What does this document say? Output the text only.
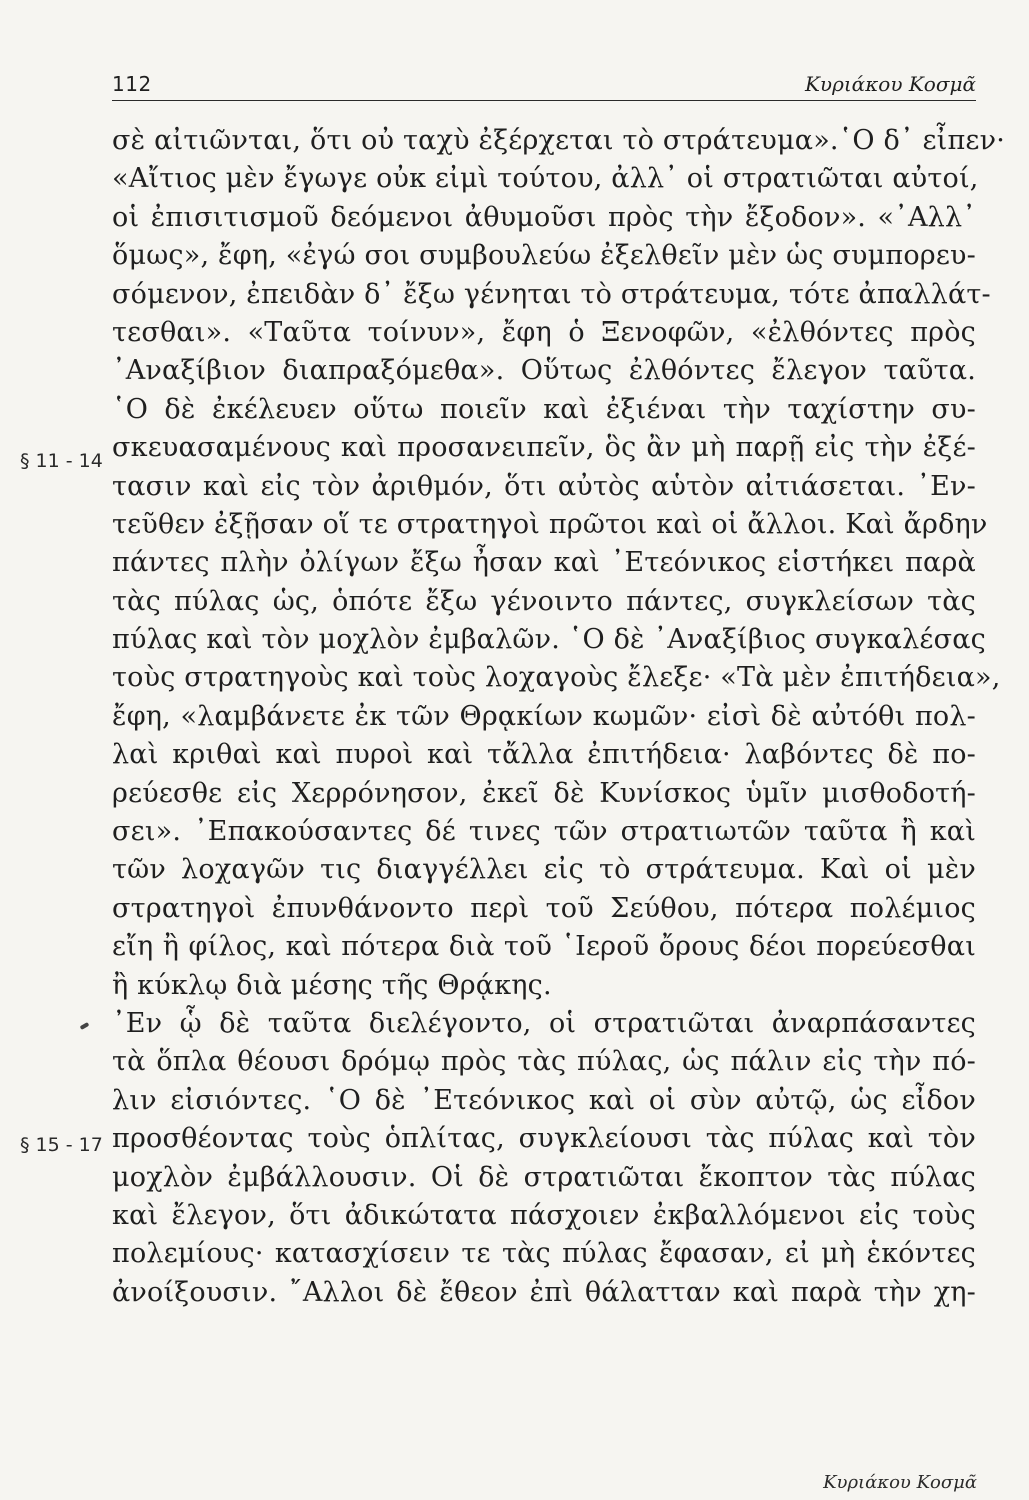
112	Κυριάκου Κοσμᾶ
§ 11 - 14
§ 15 - 17
σὲ αἰτιῶνται, ὅτι οὐ ταχὺ ἐξέρχεται τὸ στράτευμα».῾Ο δ᾽ εἶπεν·
«Αἴτιος μὲν ἔγωγε οὐκ εἰμὶ τούτου, ἀλλ᾽ οἱ στρατιῶται αὐτοί,
οἱ ἐπισιτισμοῦ δεόμενοι ἀθυμοῦσι πρὸς τὴν ἔξοδον». «᾽Αλλ᾽
ὅμως», ἔφη, «ἐγώ σοι συμβουλεύω ἐξελθεῖν μὲν ὡς συμπορευ-
σόμενον, ἐπειδὰν δ᾽ ἔξω γένηται τὸ στράτευμα, τότε ἀπαλλάτ-
τεσθαι». «Ταῦτα τοίνυν», ἔφη ὁ Ξενοφῶν, «ἐλθόντες πρὸς
᾽Αναξίβιον διαπραξόμεθα». Οὕτως ἐλθόντες ἔλεγον ταῦτα.
῾Ο δὲ ἐκέλευεν οὕτω ποιεῖν καὶ ἐξιέναι τὴν ταχίστην συ-
σκευασαμένους καὶ προσανειπεῖν, ὃς ἂν μὴ παρῇ εἰς τὴν ἐξέ-
τασιν καὶ εἰς τὸν ἀριθμόν, ὅτι αὐτὸς αὑτὸν αἰτιάσεται. ᾽Εν-
τεῦθεν ἐξῇσαν οἵ τε στρατηγοὶ πρῶτοι καὶ οἱ ἄλλοι. Καὶ ἄρδην
πάντες πλὴν ὀλίγων ἔξω ἦσαν καὶ ᾽Ετεόνικος εἱστήκει παρὰ
τὰς πύλας ὡς, ὁπότε ἔξω γένοιντο πάντες, συγκλείσων τὰς
πύλας καὶ τὸν μοχλὸν ἐμβαλῶν. ῾Ο δὲ ᾽Αναξίβιος συγκαλέσας
τοὺς στρατηγοὺς καὶ τοὺς λοχαγοὺς ἔλεξε· «Τὰ μὲν ἐπιτήδεια»,
ἔφη, «λαμβάνετε ἐκ τῶν Θρᾳκίων κωμῶν· εἰσὶ δὲ αὐτόθι πολ-
λαὶ κριθαὶ καὶ πυροὶ καὶ τἄλλα ἐπιτήδεια· λαβόντες δὲ πο-
ρεύεσθε εἰς Χερρόνησον, ἐκεῖ δὲ Κυνίσκος ὑμῖν μισθοδοτή-
σει». ᾽Επακούσαντες δέ τινες τῶν στρατιωτῶν ταῦτα ἢ καὶ
τῶν λοχαγῶν τις διαγγέλλει εἰς τὸ στράτευμα. Καὶ οἱ μὲν
στρατηγοὶ ἐπυνθάνοντο περὶ τοῦ Σεύθου, πότερα πολέμιος
εἴη ἢ φίλος, καὶ πότερα διὰ τοῦ ῾Ιεροῦ ὄρους δέοι πορεύεσθαι
ἢ κύκλῳ διὰ μέσης τῆς Θρᾴκης.
᾽Εν ᾧ δὲ ταῦτα διελέγοντο, οἱ στρατιῶται ἀναρπάσαντες
τὰ ὅπλα θέουσι δρόμῳ πρὸς τὰς πύλας, ὡς πάλιν εἰς τὴν πό-
λιν εἰσιόντες. ῾Ο δὲ ᾽Ετεόνικος καὶ οἱ σὺν αὐτῷ, ὡς εἶδον
προσθέοντας τοὺς ὁπλίτας, συγκλείουσι τὰς πύλας καὶ τὸν
μοχλὸν ἐμβάλλουσιν. Οἱ δὲ στρατιῶται ἔκοπτον τὰς πύλας
καὶ ἔλεγον, ὅτι ἀδικώτατα πάσχοιεν ἐκβαλλόμενοι εἰς τοὺς
πολεμίους· κατασχίσειν τε τὰς πύλας ἔφασαν, εἰ μὴ ἑκόντες
ἀνοίξουσιν. ῎Αλλοι δὲ ἔθεον ἐπὶ θάλατταν καὶ παρὰ τὴν χη-
Κυριάκου Κοσμᾶ
